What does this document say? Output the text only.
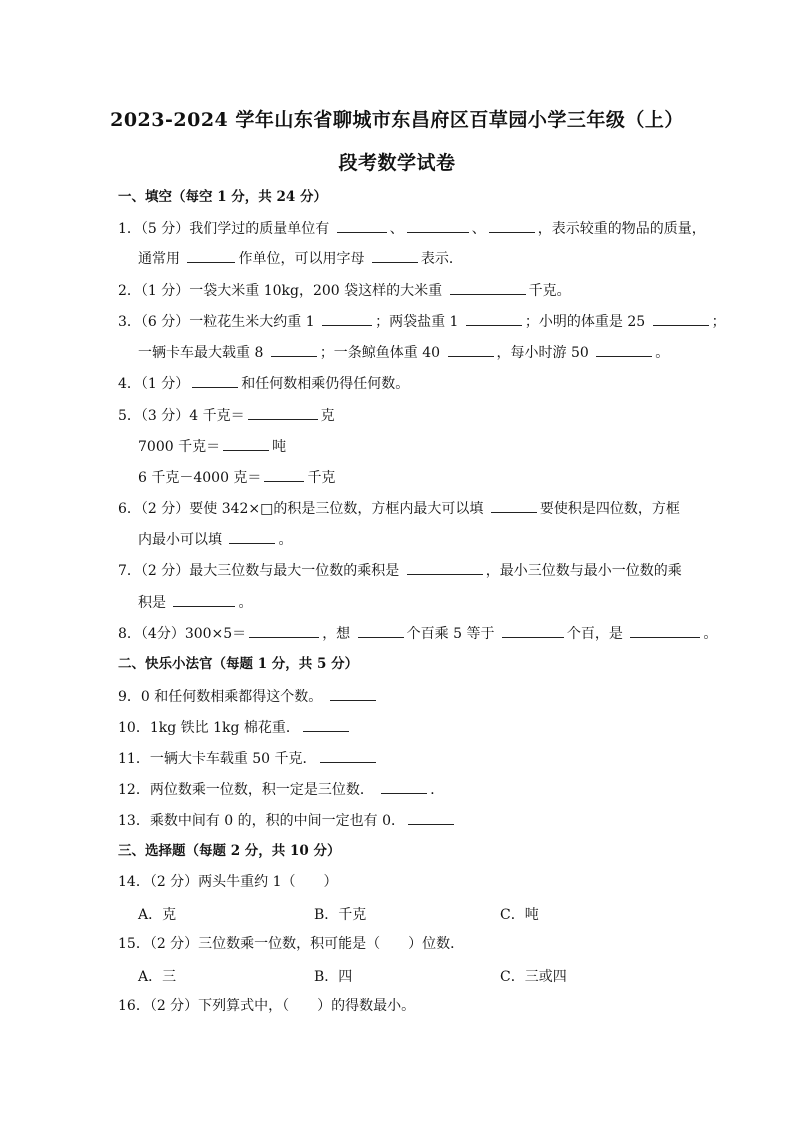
2023-2024 学年山东省聊城市东昌府区百草园小学三年级（上）
段考数学试卷
一、填空（每空 1 分，共 24 分）
1．（5 分）我们学过的质量单位有	、	、	，表示较重的物品的质量，
通常用	作单位，可以用字母	表示．
2．（1 分）一袋大米重 10kg，200 袋这样的大米重	千克。
3．（6 分）一粒花生米大约重 1	；两袋盐重 1	；小明的体重是 25	；
一辆卡车最大载重 8	；一条鲸鱼体重 40	，每小时游 50	。
4．（1 分）	和任何数相乘仍得任何数。
5．（3 分）4 千克＝	克
7000 千克＝	吨
6 千克－4000 克＝	千克
6．（2 分）要使 342×□的积是三位数，方框内最大可以填	要使积是四位数，方框
内最小可以填	。
7．（2 分）最大三位数与最大一位数的乘积是	，最小三位数与最小一位数的乘
积是	。
8．（4分）300×5＝	，想	个百乘 5 等于	个百，是	。
二、快乐小法官（每题 1 分，共 5 分）
9．0 和任何数相乘都得这个数。
10．1kg 铁比 1kg 棉花重．
11．一辆大卡车载重 50 千克．
12．两位数乘一位数，积一定是三位数．	．
13．乘数中间有 0 的，积的中间一定也有 0．
三、选择题（每题 2 分，共 10 分）
14．（2 分）两头牛重约 1（　　）
A．克	B．千克	C．吨
15．（2 分）三位数乘一位数，积可能是（　　）位数．
A．三	B．四	C．三或四
16．（2 分）下列算式中，（　　）的得数最小。
